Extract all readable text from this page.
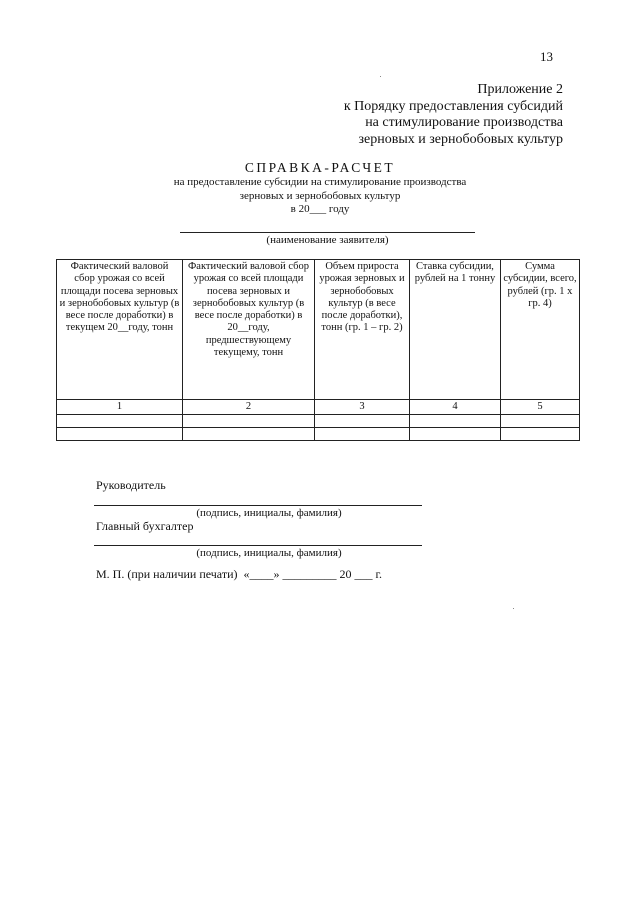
13
Приложение 2
к Порядку предоставления субсидий
на стимулирование производства
зерновых и зернобобовых культур
СПРАВКА-РАСЧЕТ
на предоставление субсидии на стимулирование производства
зерновых и зернобобовых культур
в 20___ году
(наименование заявителя)
Фактический валовой сбор урожая со всей площади посева зерновых и зернобобовых культур (в весе после доработки) в текущем 20__году, тонн	Фактический валовой сбор урожая со всей площади посева зерновых и зернобобовых культур (в весе после доработки) в 20__году, предшествующему текущему, тонн	Объем прироста урожая зерновых и зернобобовых культур (в весе после доработки), тонн (гр. 1 – гр. 2)	Ставка субсидии, рублей на 1 тонну	Сумма субсидии, всего, рублей (гр. 1 х гр. 4)
1	2	3	4	5

Руководитель
(подпись, инициалы, фамилия)
Главный бухгалтер
(подпись, инициалы, фамилия)
М. П. (при наличии печати)  «____» _________ 20 ___ г.
